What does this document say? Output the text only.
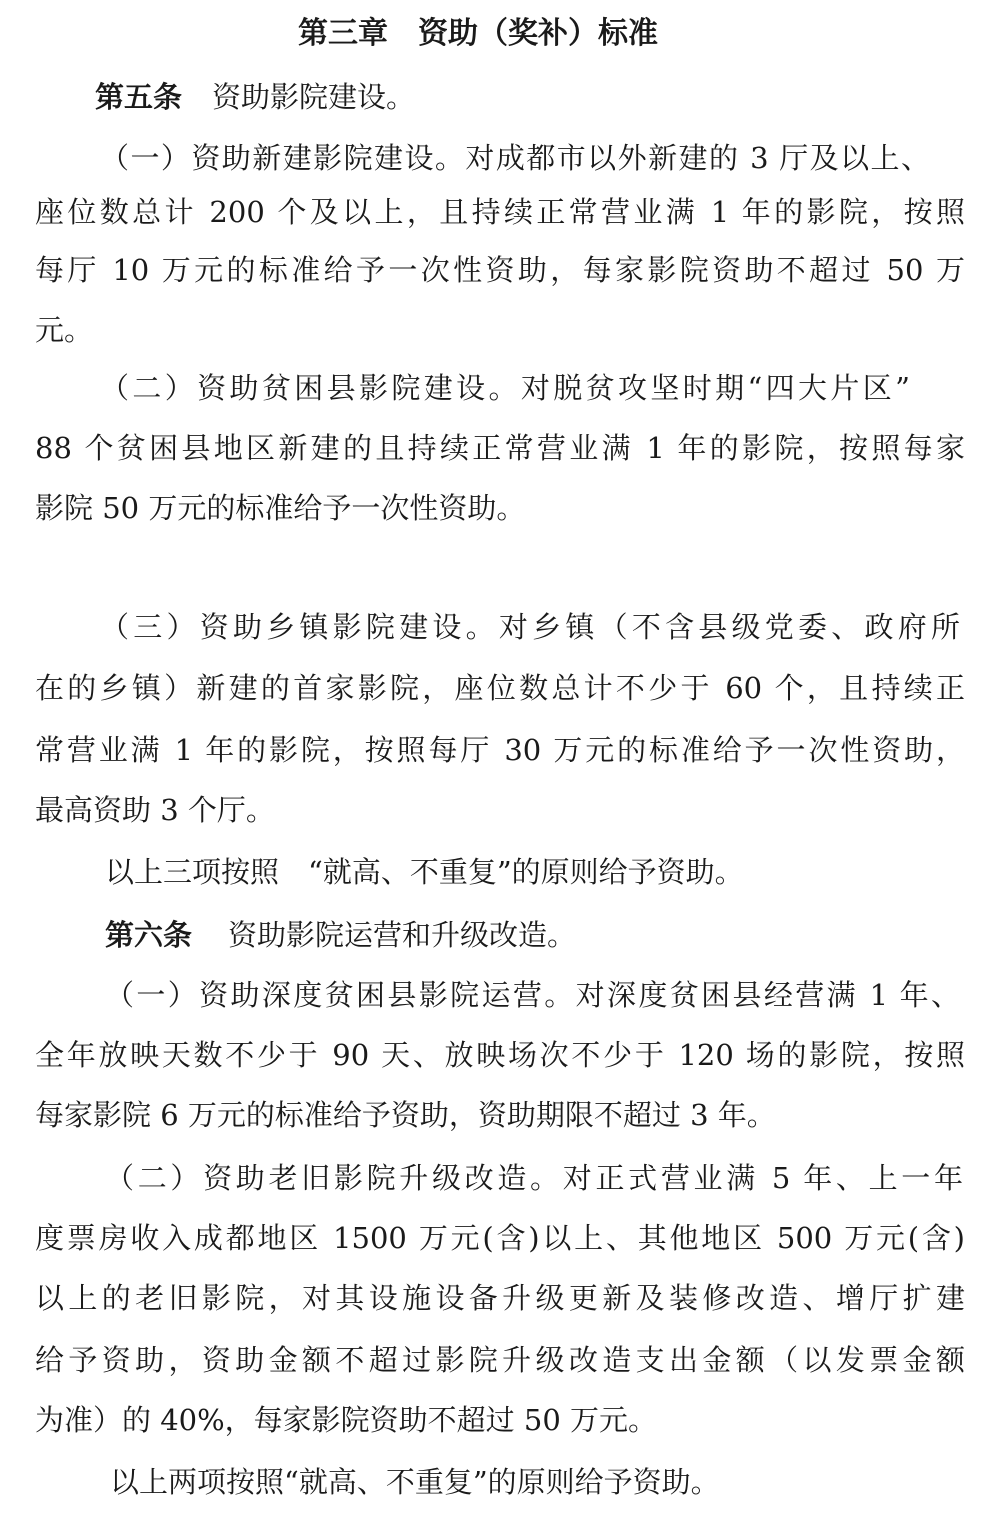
第三章　资助（奖补）标准
第五条 资助影院建设。
（一）资助新建影院建设。对成都市以外新建的 3 厅及以上、
座位数总计 200 个及以上，且持续正常营业满 1 年的影院，按照
每厅 10 万元的标准给予一次性资助，每家影院资助不超过 50 万
元。
（二）资助贫困县影院建设。对脱贫攻坚时期“四大片区”
88 个贫困县地区新建的且持续正常营业满 1 年的影院，按照每家
影院 50 万元的标准给予一次性资助。
（三）资助乡镇影院建设。对乡镇（不含县级党委、政府所
在的乡镇）新建的首家影院，座位数总计不少于 60 个，且持续正
常营业满 1 年的影院，按照每厅 30 万元的标准给予一次性资助，
最高资助 3 个厅。
以上三项按照　“就高、不重复”的原则给予资助。
第六条 资助影院运营和升级改造。
（一）资助深度贫困县影院运营。对深度贫困县经营满 1 年、
全年放映天数不少于 90 天、放映场次不少于 120 场的影院，按照
每家影院 6 万元的标准给予资助，资助期限不超过 3 年。
（二）资助老旧影院升级改造。对正式营业满 5 年、上一年
度票房收入成都地区 1500 万元(含)以上、其他地区 500 万元(含)
以上的老旧影院，对其设施设备升级更新及装修改造、增厅扩建
给予资助，资助金额不超过影院升级改造支出金额（以发票金额
为准）的 40%，每家影院资助不超过 50 万元。
以上两项按照“就高、不重复”的原则给予资助。
